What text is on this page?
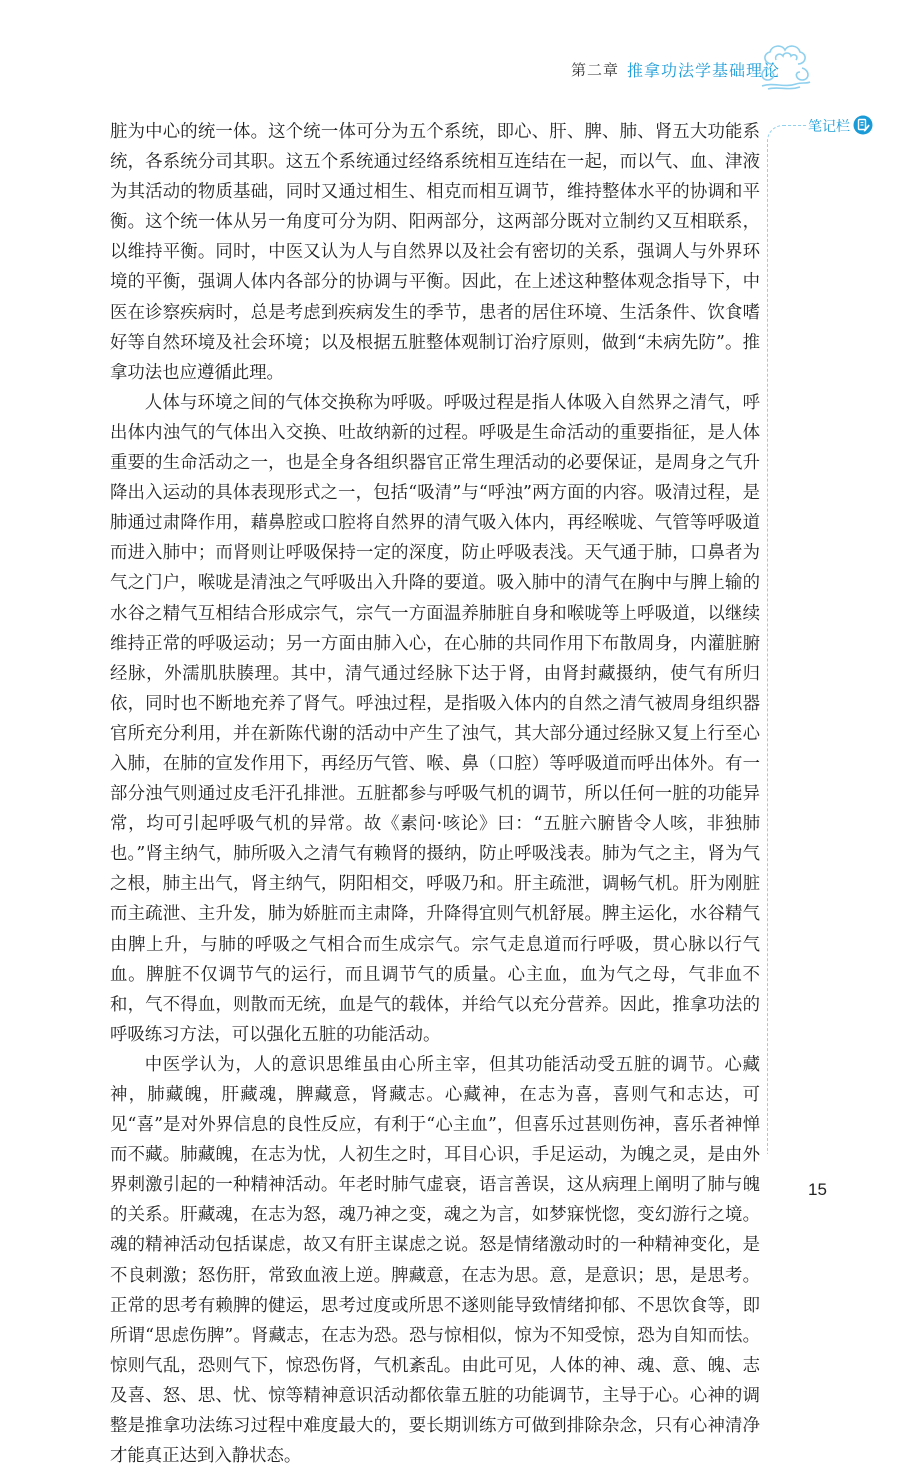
第二章 推拿功法学基础理论
笔记栏

脏为中心的统一体。这个统一体可分为五个系统，即心、肝、脾、肺、肾五大功能系统，各系统分司其职。这五个系统通过经络系统相互连结在一起，而以气、血、津液为其活动的物质基础，同时又通过相生、相克而相互调节，维持整体水平的协调和平衡。这个统一体从另一角度可分为阴、阳两部分，这两部分既对立制约又互相联系，以维持平衡。同时，中医又认为人与自然界以及社会有密切的关系，强调人与外界环境的平衡，强调人体内各部分的协调与平衡。因此，在上述这种整体观念指导下，中医在诊察疾病时，总是考虑到疾病发生的季节，患者的居住环境、生活条件、饮食嗜好等自然环境及社会环境；以及根据五脏整体观制订治疗原则，做到“未病先防”。推拿功法也应遵循此理。

人体与环境之间的气体交换称为呼吸。呼吸过程是指人体吸入自然界之清气，呼出体内浊气的气体出入交换、吐故纳新的过程。呼吸是生命活动的重要指征，是人体重要的生命活动之一，也是全身各组织器官正常生理活动的必要保证，是周身之气升降出入运动的具体表现形式之一，包括“吸清”与“呼浊”两方面的内容。吸清过程，是肺通过肃降作用，藉鼻腔或口腔将自然界的清气吸入体内，再经喉咙、气管等呼吸道而进入肺中；而肾则让呼吸保持一定的深度，防止呼吸表浅。天气通于肺，口鼻者为气之门户，喉咙是清浊之气呼吸出入升降的要道。吸入肺中的清气在胸中与脾上输的水谷之精气互相结合形成宗气，宗气一方面温养肺脏自身和喉咙等上呼吸道，以继续维持正常的呼吸运动；另一方面由肺入心，在心肺的共同作用下布散周身，内灌脏腑经脉，外濡肌肤腠理。其中，清气通过经脉下达于肾，由肾封藏摄纳，使气有所归依，同时也不断地充养了肾气。呼浊过程，是指吸入体内的自然之清气被周身组织器官所充分利用，并在新陈代谢的活动中产生了浊气，其大部分通过经脉又复上行至心入肺，在肺的宣发作用下，再经历气管、喉、鼻（口腔）等呼吸道而呼出体外。有一部分浊气则通过皮毛汗孔排泄。五脏都参与呼吸气机的调节，所以任何一脏的功能异常，均可引起呼吸气机的异常。故《素问·咳论》曰：“五脏六腑皆令人咳，非独肺也。”肾主纳气，肺所吸入之清气有赖肾的摄纳，防止呼吸浅表。肺为气之主，肾为气之根，肺主出气，肾主纳气，阴阳相交，呼吸乃和。肝主疏泄，调畅气机。肝为刚脏而主疏泄、主升发，肺为娇脏而主肃降，升降得宜则气机舒展。脾主运化，水谷精气由脾上升，与肺的呼吸之气相合而生成宗气。宗气走息道而行呼吸，贯心脉以行气血。脾脏不仅调节气的运行，而且调节气的质量。心主血，血为气之母，气非血不和，气不得血，则散而无统，血是气的载体，并给气以充分营养。因此，推拿功法的呼吸练习方法，可以强化五脏的功能活动。

中医学认为，人的意识思维虽由心所主宰，但其功能活动受五脏的调节。心藏神，肺藏魄，肝藏魂，脾藏意，肾藏志。心藏神，在志为喜，喜则气和志达，可见“喜”是对外界信息的良性反应，有利于“心主血”，但喜乐过甚则伤神，喜乐者神惮而不藏。肺藏魄，在志为忧，人初生之时，耳目心识，手足运动，为魄之灵，是由外界刺激引起的一种精神活动。年老时肺气虚衰，语言善误，这从病理上阐明了肺与魄的关系。肝藏魂，在志为怒，魂乃神之变，魂之为言，如梦寐恍惚，变幻游行之境。魂的精神活动包括谋虑，故又有肝主谋虑之说。怒是情绪激动时的一种精神变化，是不良刺激；怒伤肝，常致血液上逆。脾藏意，在志为思。意，是意识；思，是思考。正常的思考有赖脾的健运，思考过度或所思不遂则能导致情绪抑郁、不思饮食等，即所谓“思虑伤脾”。肾藏志，在志为恐。恐与惊相似，惊为不知受惊，恐为自知而怯。惊则气乱，恐则气下，惊恐伤肾，气机紊乱。由此可见，人体的神、魂、意、魄、志及喜、怒、思、忧、惊等精神意识活动都依靠五脏的功能调节，主导于心。心神的调整是推拿功法练习过程中难度最大的，要长期训练方可做到排除杂念，只有心神清净才能真正达到入静状态。

15
